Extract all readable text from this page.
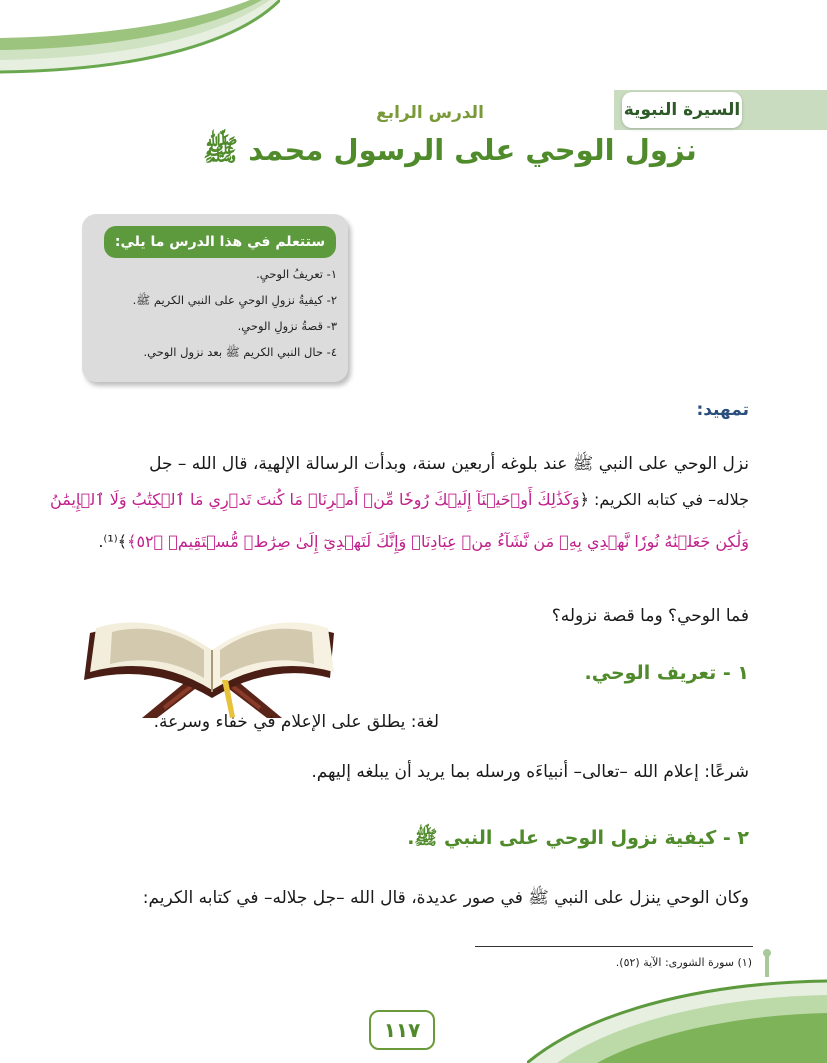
السيرة النبوية
الدرس الرابع
نزول الوحي على الرسول محمد ﷺ
ستتعلم في هذا الدرس ما يلي:
١- تعريفُ الوحيِ.
٢- كيفيةُ نزولِ الوحيِ على النبي الكريم ﷺ.
٣- قصةُ نزولِ الوحيِ.
٤- حال النبي الكريم ﷺ بعد نزول الوحي.
تمهيد:
نزل الوحي على النبي ﷺ عند بلوغه أربعين سنة، وبدأت الرسالة الإلهية، قال الله – جل
جلاله– في كتابه الكريم: ﴿وَكَذَٰلِكَ أَوۡحَيۡنَآ إِلَيۡكَ رُوحٗا مِّنۡ أَمۡرِنَاۚ مَا كُنتَ تَدۡرِي مَا ٱلۡكِتَٰبُ وَلَا ٱلۡإِيمَٰنُ
وَلَٰكِن جَعَلۡنَٰهُ نُورٗا نَّهۡدِي بِهِۦ مَن نَّشَآءُ مِنۡ عِبَادِنَاۚ وَإِنَّكَ لَتَهۡدِيٓ إِلَىٰ صِرَٰطٖ مُّسۡتَقِيمٖ ﴿٥٢﴾﴾⁽¹⁾.
فما الوحي؟ وما قصة نزوله؟
١ - تعريف الوحي.
لغة: يطلق على الإعلام في خفاء وسرعة.
شرعًا: إعلام الله –تعالى– أنبياءَه ورسله بما يريد أن يبلغه إليهم.
٢ - كيفية نزول الوحي على النبي ﷺ.
وكان الوحي ينزل على النبي ﷺ في صور عديدة، قال الله –جل جلاله– في كتابه الكريم:
(١) سورة الشورى: الآية (٥٢).
١١٧
